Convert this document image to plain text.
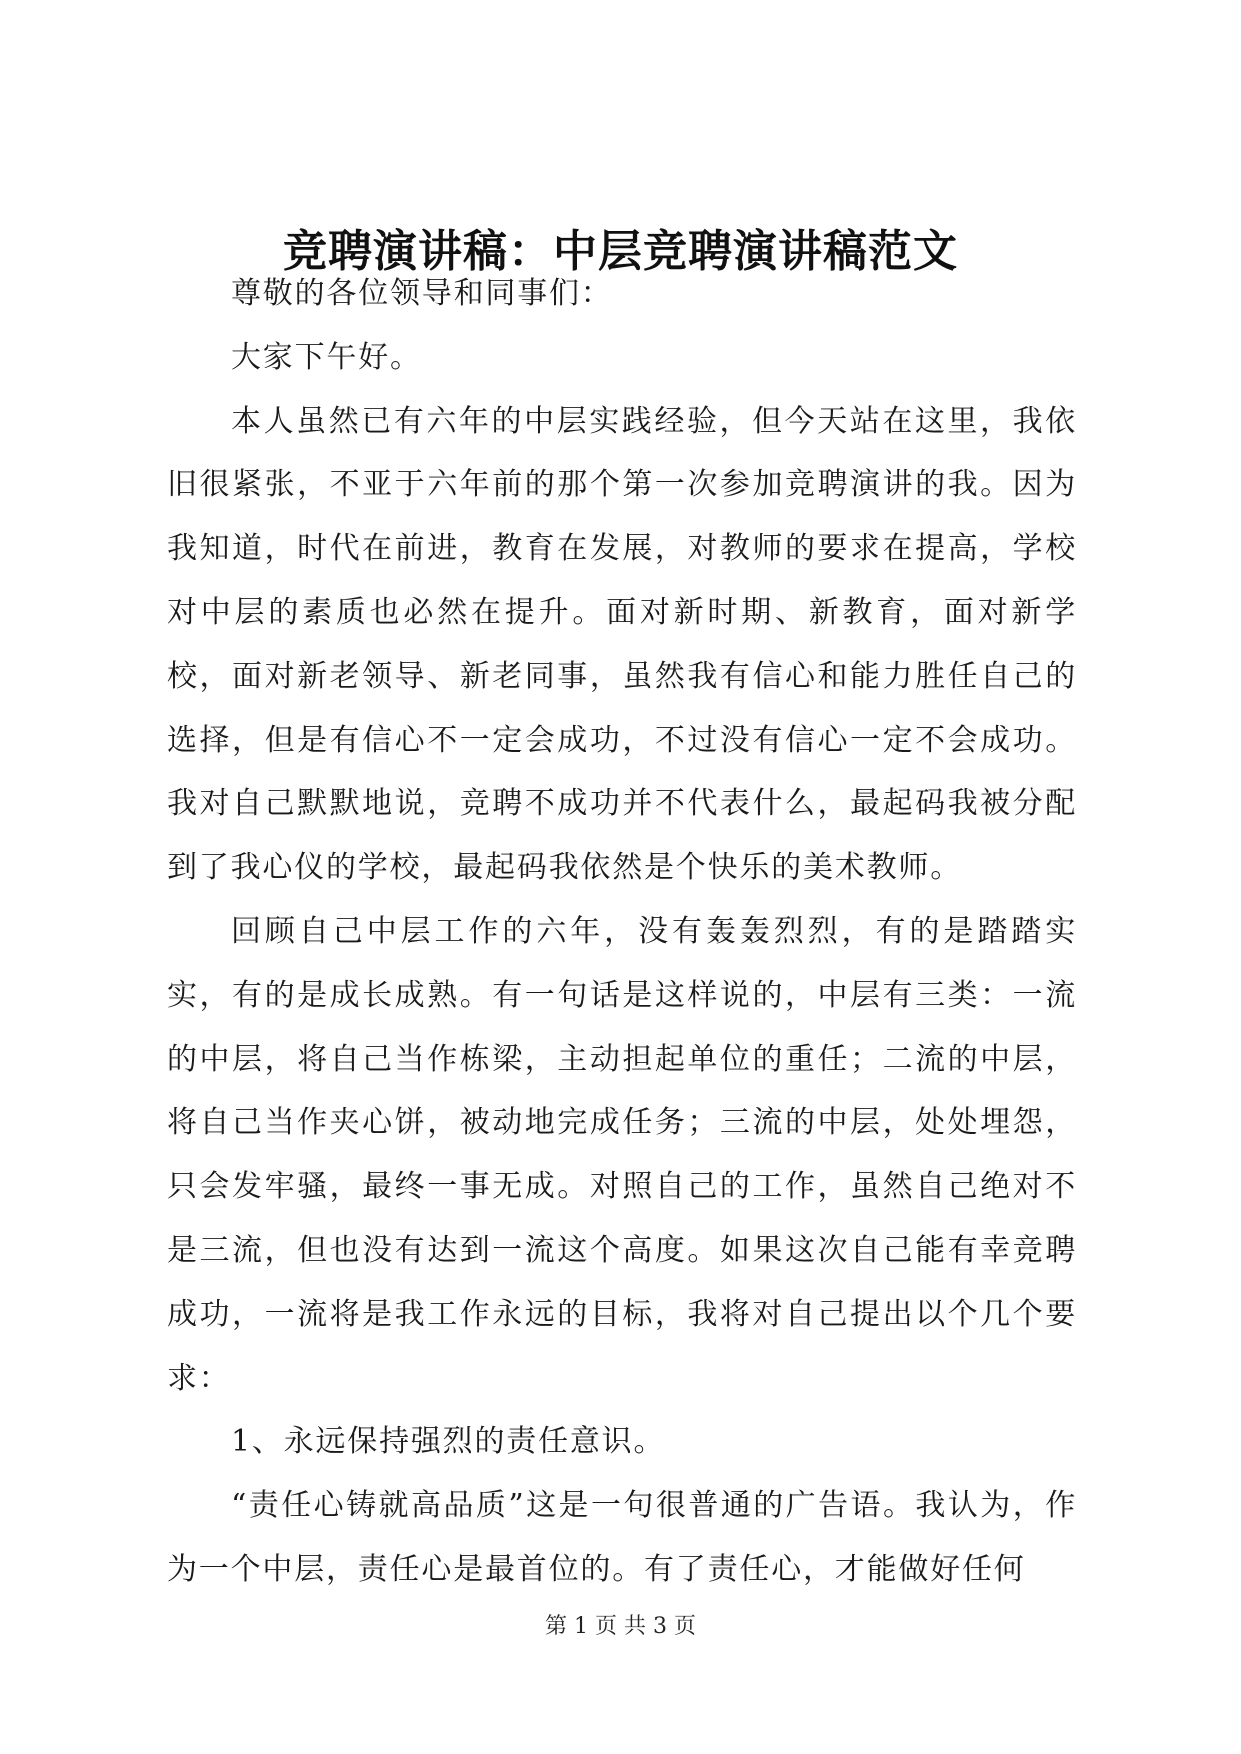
竞聘演讲稿：中层竞聘演讲稿范文

尊敬的各位领导和同事们：

大家下午好。

本人虽然已有六年的中层实践经验，但今天站在这里，我依旧很紧张，不亚于六年前的那个第一次参加竞聘演讲的我。因为我知道，时代在前进，教育在发展，对教师的要求在提高，学校对中层的素质也必然在提升。面对新时期、新教育，面对新学校，面对新老领导、新老同事，虽然我有信心和能力胜任自己的选择，但是有信心不一定会成功，不过没有信心一定不会成功。我对自己默默地说，竞聘不成功并不代表什么，最起码我被分配到了我心仪的学校，最起码我依然是个快乐的美术教师。

回顾自己中层工作的六年，没有轰轰烈烈，有的是踏踏实实，有的是成长成熟。有一句话是这样说的，中层有三类：一流的中层，将自己当作栋梁，主动担起单位的重任；二流的中层，将自己当作夹心饼，被动地完成任务；三流的中层，处处埋怨，只会发牢骚，最终一事无成。对照自己的工作，虽然自己绝对不是三流，但也没有达到一流这个高度。如果这次自己能有幸竞聘成功，一流将是我工作永远的目标，我将对自己提出以个几个要求：

1、永远保持强烈的责任意识。

“责任心铸就高品质”这是一句很普通的广告语。我认为，作为一个中层，责任心是最首位的。有了责任心，才能做好任何

第 1 页 共 3 页
